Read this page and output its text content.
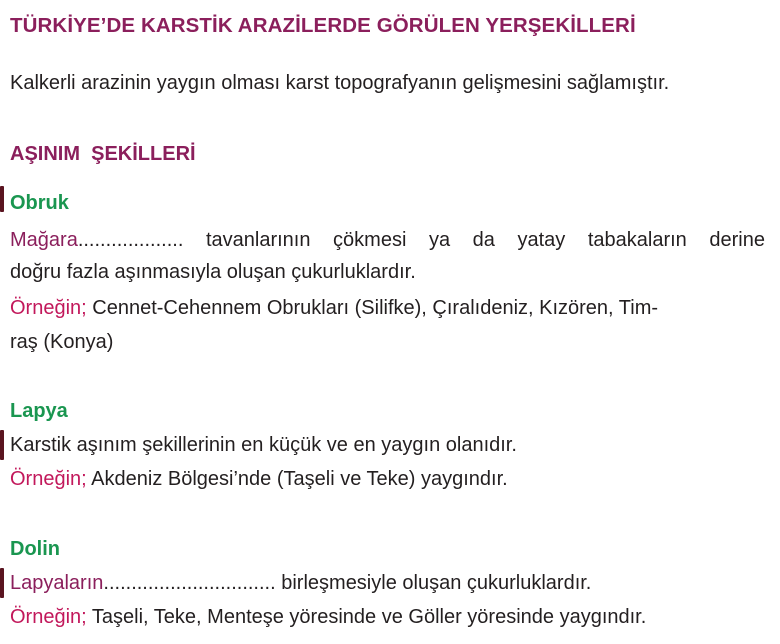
TÜRKİYE’DE KARSTİK ARAZİLERDE GÖRÜLEN YERŞEKİLLERİ
Kalkerli arazinin yaygın olması karst topografyanın gelişmesini sağlamıştır.
AŞINIM  ŞEKİLLERİ
Obruk
Mağara................... tavanlarının çökmesi ya da yatay tabakaların derine
doğru fazla aşınmasıyla oluşan çukurluklardır.
Örneğin; Cennet-Cehennem Obrukları (Silifke), Çıralıdeniz, Kızören, Tim-
raş (Konya)
Lapya
Karstik aşınım şekillerinin en küçük ve en yaygın olanıdır.
Örneğin; Akdeniz Bölgesi’nde (Taşeli ve Teke) yaygındır.
Dolin
Lapyaların............................... birleşmesiyle oluşan çukurluklardır.
Örneğin; Taşeli, Teke, Menteşe yöresinde ve Göller yöresinde yaygındır.
